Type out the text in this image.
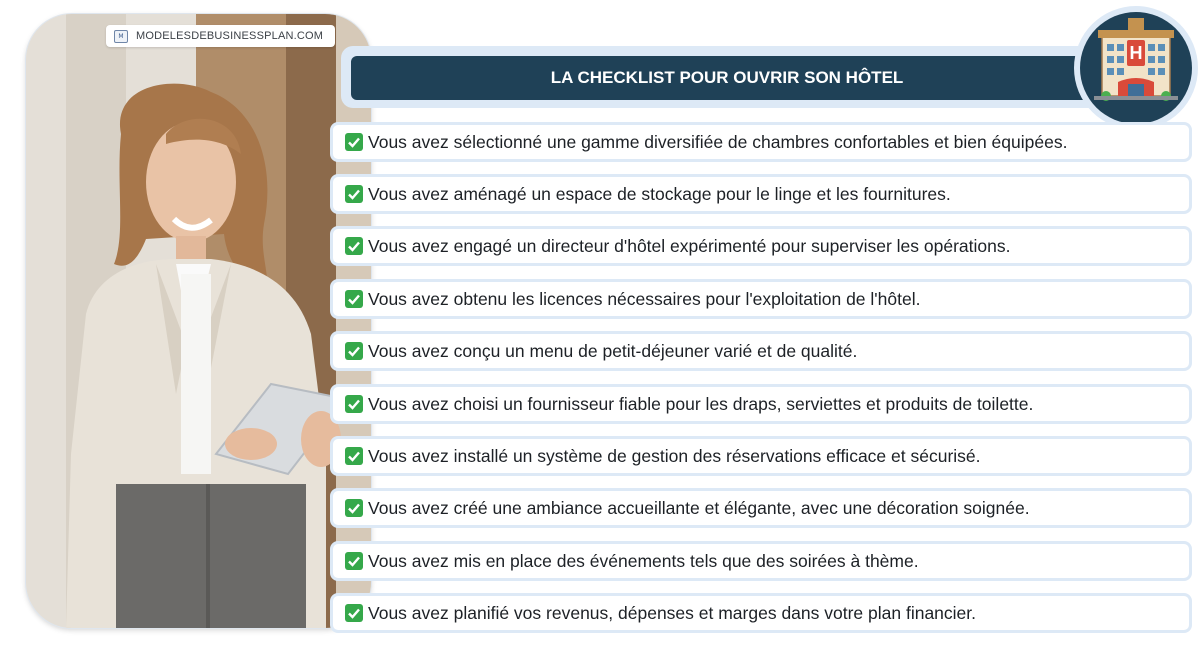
M	MODELESDEBUSINESSPLAN.COM
LA CHECKLIST POUR OUVRIR SON HÔTEL
H
Vous avez sélectionné une gamme diversifiée de chambres confortables et bien équipées.
Vous avez aménagé un espace de stockage pour le linge et les fournitures.
Vous avez engagé un directeur d'hôtel expérimenté pour superviser les opérations.
Vous avez obtenu les licences nécessaires pour l'exploitation de l'hôtel.
Vous avez conçu un menu de petit-déjeuner varié et de qualité.
Vous avez choisi un fournisseur fiable pour les draps, serviettes et produits de toilette.
Vous avez installé un système de gestion des réservations efficace et sécurisé.
Vous avez créé une ambiance accueillante et élégante, avec une décoration soignée.
Vous avez mis en place des événements tels que des soirées à thème.
Vous avez planifié vos revenus, dépenses et marges dans votre plan financier.
